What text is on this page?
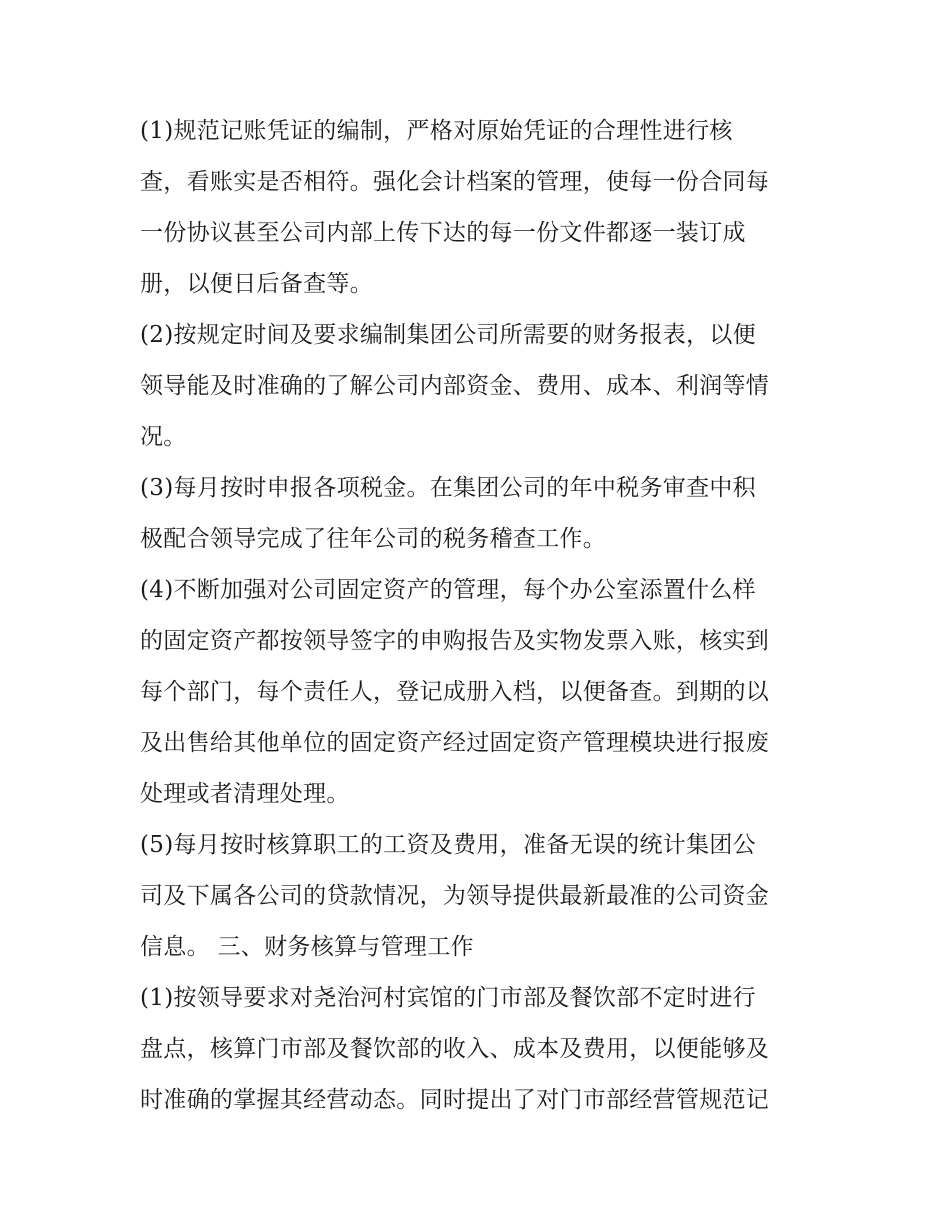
(1)规范记账凭证的编制，严格对原始凭证的合理性进行核
查，看账实是否相符。强化会计档案的管理，使每一份合同每
一份协议甚至公司内部上传下达的每一份文件都逐一装订成
册，以便日后备查等。
(2)按规定时间及要求编制集团公司所需要的财务报表，以便
领导能及时准确的了解公司内部资金、费用、成本、利润等情
况。
(3)每月按时申报各项税金。在集团公司的年中税务审查中积
极配合领导完成了往年公司的税务稽查工作。
(4)不断加强对公司固定资产的管理，每个办公室添置什么样
的固定资产都按领导签字的申购报告及实物发票入账，核实到
每个部门，每个责任人，登记成册入档，以便备查。到期的以
及出售给其他单位的固定资产经过固定资产管理模块进行报废
处理或者清理处理。
(5)每月按时核算职工的工资及费用，准备无误的统计集团公
司及下属各公司的贷款情况，为领导提供最新最准的公司资金
信息。 三、财务核算与管理工作
(1)按领导要求对尧治河村宾馆的门市部及餐饮部不定时进行
盘点，核算门市部及餐饮部的收入、成本及费用，以便能够及
时准确的掌握其经营动态。同时提出了对门市部经营管规范记
